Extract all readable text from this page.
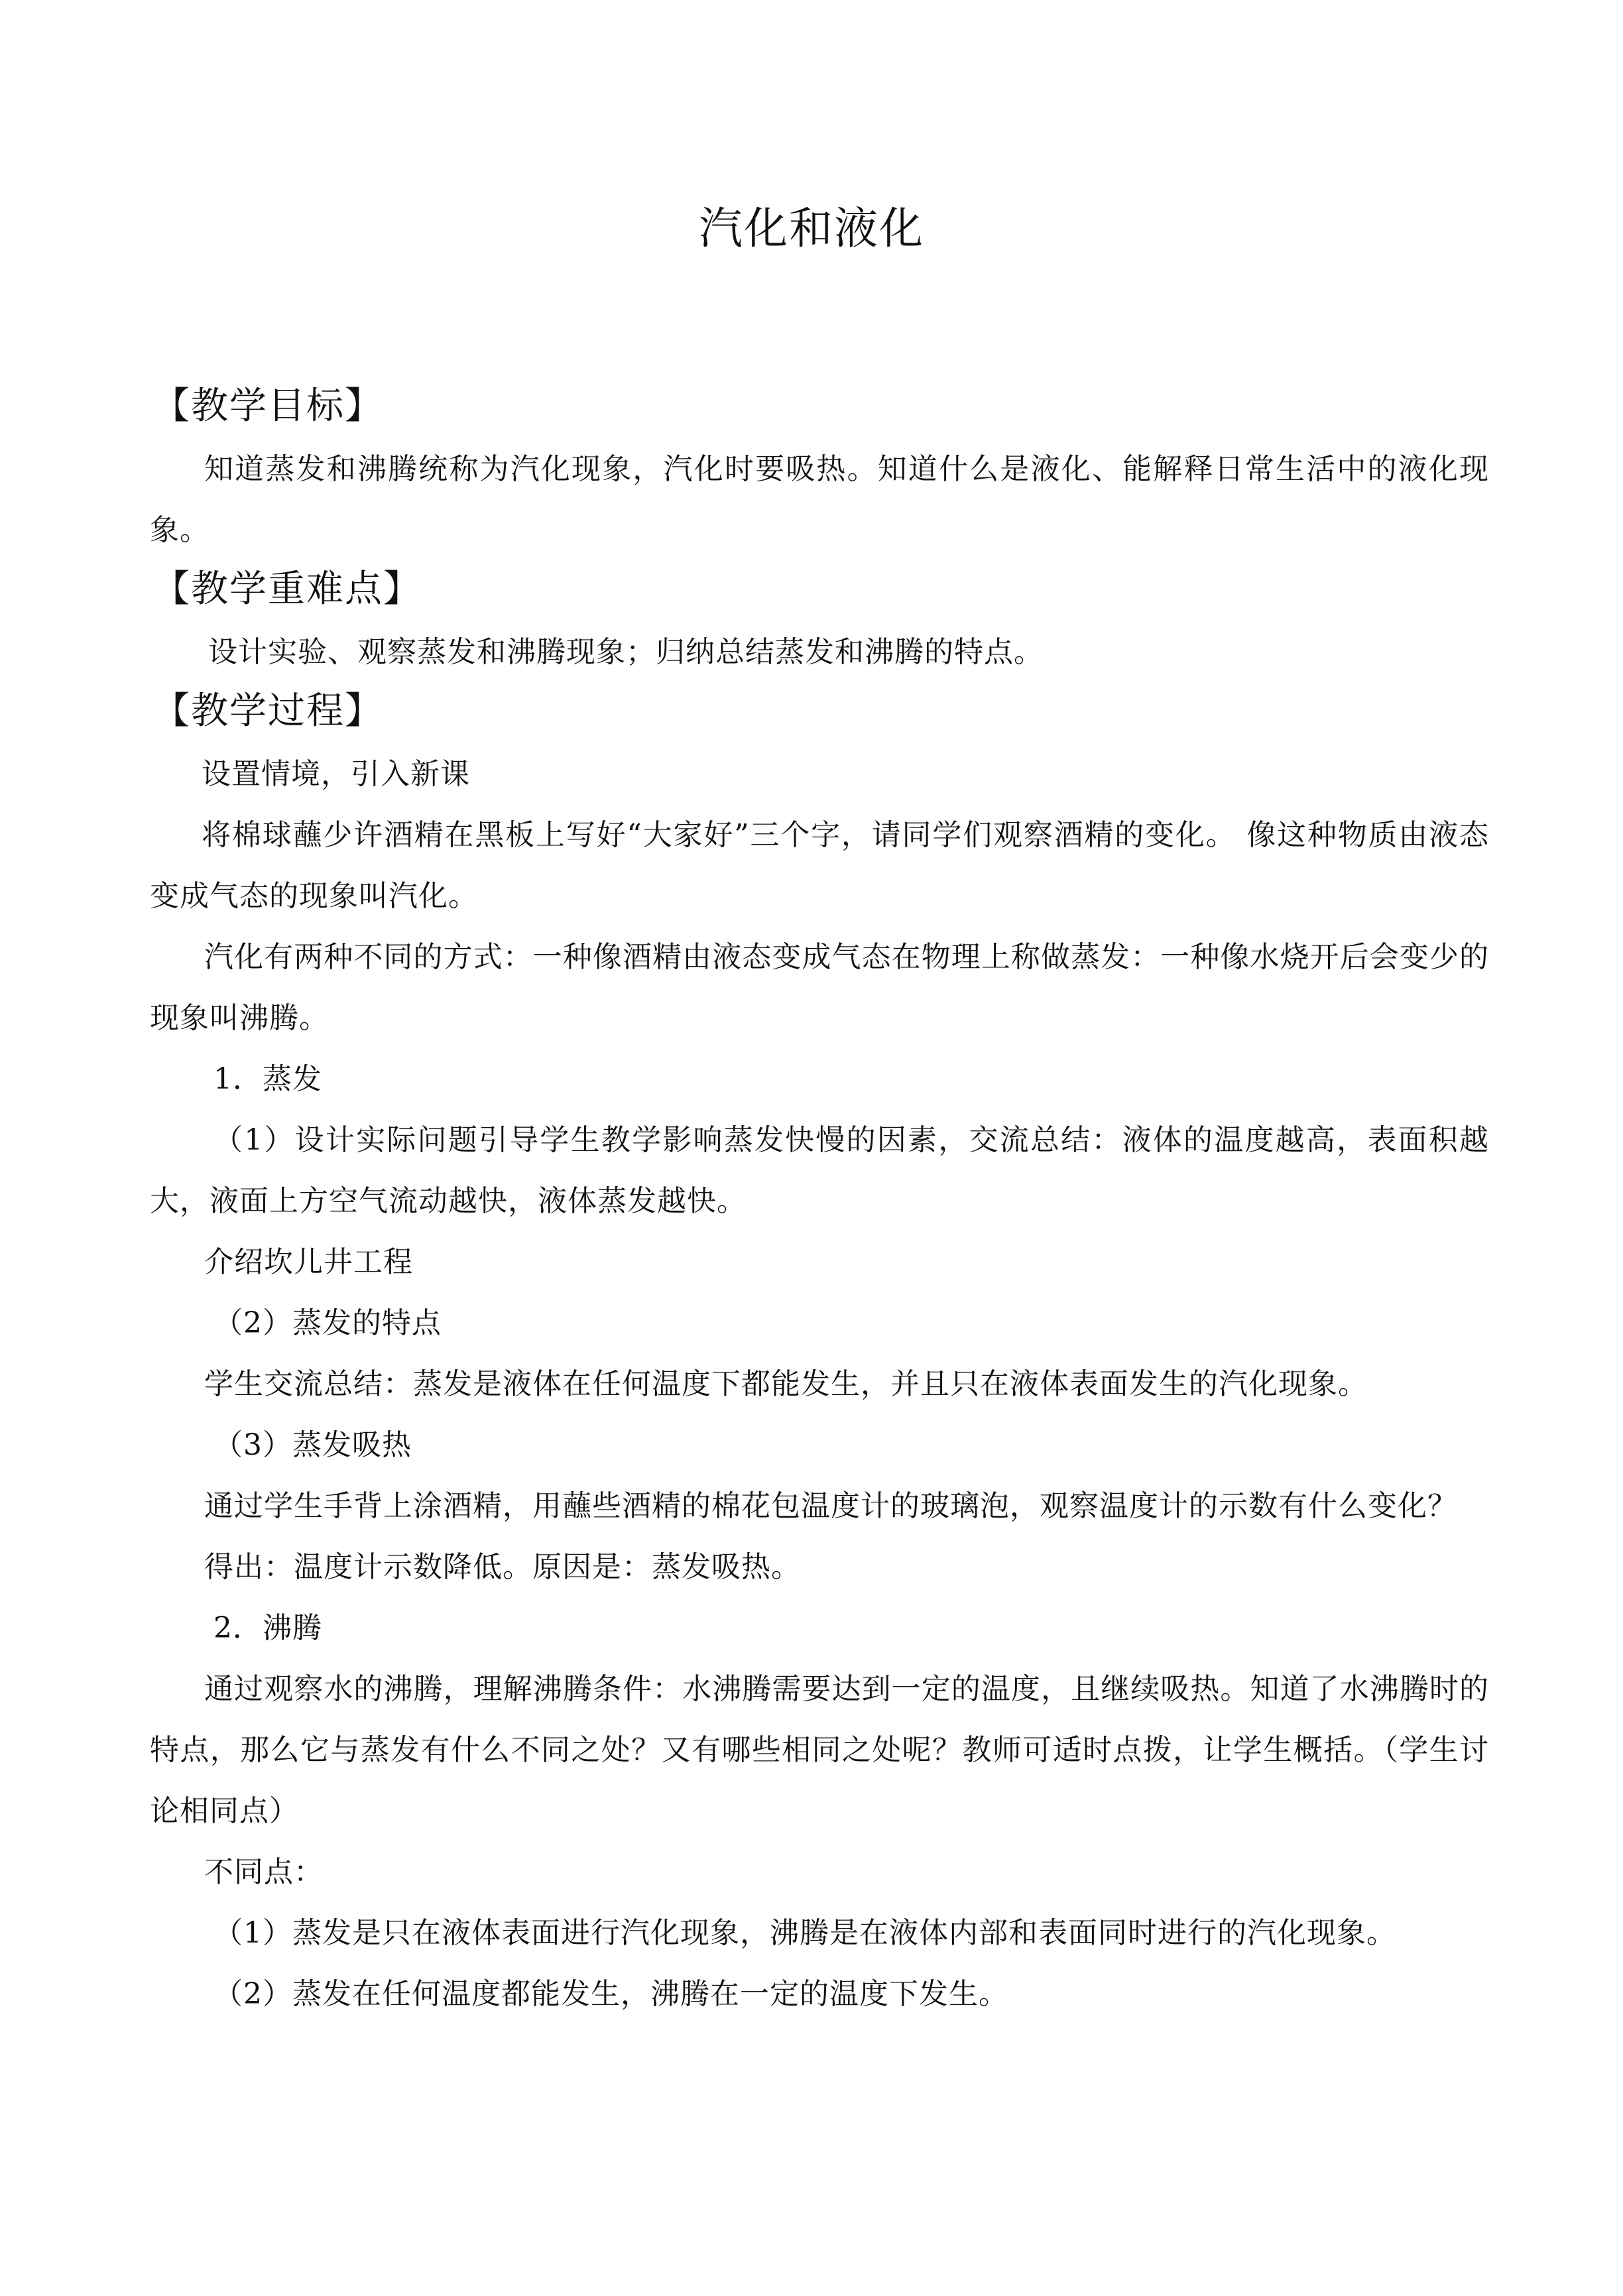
汽化和液化
【教学目标】

知道蒸发和沸腾统称为汽化现象，汽化时要吸热。知道什么是液化、能解释日常生活中的液化现象。

【教学重难点】

设计实验、观察蒸发和沸腾现象；归纳总结蒸发和沸腾的特点。

【教学过程】

设置情境，引入新课

将棉球蘸少许酒精在黑板上写好“大家好”三个字，请同学们观察酒精的变化。 像这种物质由液态变成气态的现象叫汽化。

汽化有两种不同的方式：一种像酒精由液态变成气态在物理上称做蒸发：一种像水烧开后会变少的现象叫沸腾。

1．蒸发

（1）设计实际问题引导学生教学影响蒸发快慢的因素，交流总结：液体的温度越高，表面积越大，液面上方空气流动越快，液体蒸发越快。

介绍坎儿井工程

（2）蒸发的特点

学生交流总结：蒸发是液体在任何温度下都能发生，并且只在液体表面发生的汽化现象。

（3）蒸发吸热

通过学生手背上涂酒精，用蘸些酒精的棉花包温度计的玻璃泡，观察温度计的示数有什么变化？

得出：温度计示数降低。原因是：蒸发吸热。

2．沸腾

通过观察水的沸腾，理解沸腾条件：水沸腾需要达到一定的温度，且继续吸热。知道了水沸腾时的特点，那么它与蒸发有什么不同之处？又有哪些相同之处呢？教师可适时点拨，让学生概括。（学生讨论相同点）

不同点：

（1）蒸发是只在液体表面进行汽化现象，沸腾是在液体内部和表面同时进行的汽化现象。

（2）蒸发在任何温度都能发生，沸腾在一定的温度下发生。
